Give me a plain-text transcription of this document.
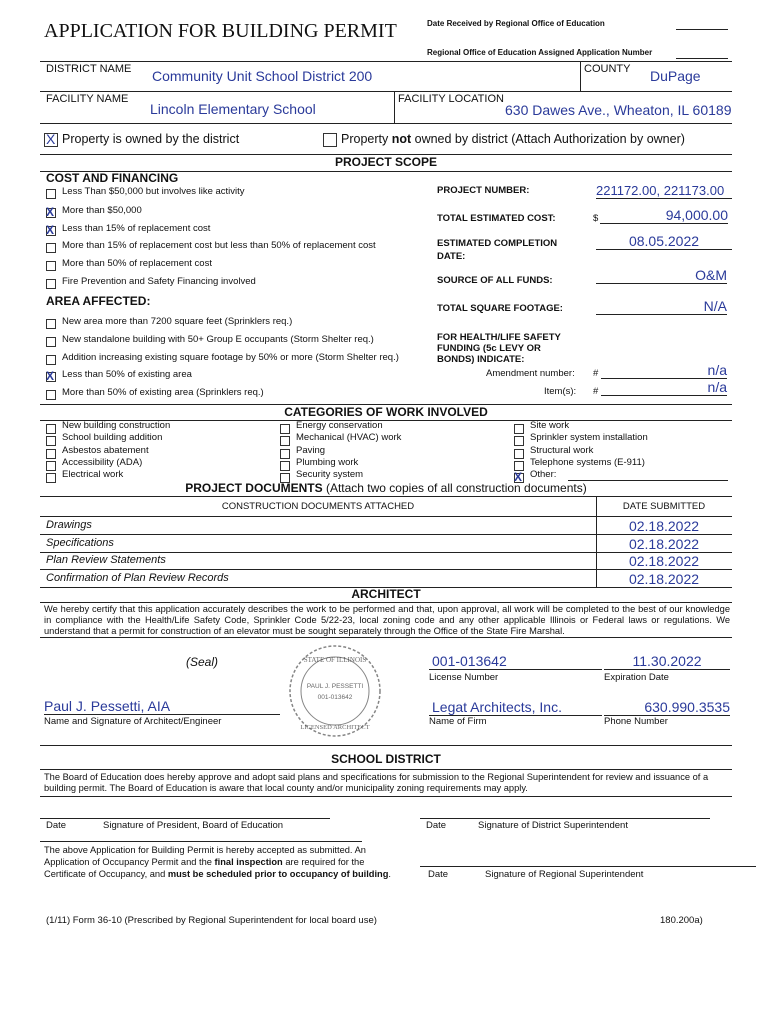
APPLICATION FOR BUILDING PERMIT	Date Received by Regional Office of Education
Regional Office of Education Assigned Application Number
DISTRICT NAME Community Unit School District 200	COUNTY DuPage
FACILITY NAME
Lincoln Elementary School
FACILITY LOCATION
630 Dawes Ave., Wheaton, IL 60189
X Property is owned by the district	Property not owned by district (Attach Authorization by owner)
PROJECT SCOPE
COST AND FINANCING
Less Than $50,000 but involves like activity
More than $50,000
X
Less than 15% of replacement cost
X
More than 15% of replacement cost but less than 50% of replacement cost
More than 50% of replacement cost
Fire Prevention and Safety Financing involved
AREA AFFECTED:
New area more than 7200 square feet (Sprinklers req.)
New standalone building with 50+ Group E occupants (Storm Shelter req.)
Addition increasing existing square footage by 50% or more (Storm Shelter req.)
Less than 50% of existing area
X
More than 50% of existing area (Sprinklers req.)
PROJECT NUMBER:	221172.00, 221173.00
TOTAL ESTIMATED COST:	$	94,000.00
ESTIMATED COMPLETION
DATE:
08.05.2022
SOURCE OF ALL FUNDS:	O&M
TOTAL SQUARE FOOTAGE:	N/A
FOR HEALTH/LIFE SAFETY
FUNDING (5c LEVY OR
BONDS) INDICATE:
Amendment number: #	n/a
Item(s): #	n/a
CATEGORIES OF WORK INVOLVED
New building construction
School building addition
Asbestos abatement
Accessibility (ADA)
Electrical work
Energy conservation
Mechanical (HVAC) work
Paving
Plumbing work
Security system
Site work
Sprinkler system installation
Structural work
Telephone systems (E-911)
X
Other:
PROJECT DOCUMENTS (Attach two copies of all construction documents)
CONSTRUCTION DOCUMENTS ATTACHED	DATE SUBMITTED
Drawings	02.18.2022
Specifications	02.18.2022
Plan Review Statements	02.18.2022
Confirmation of Plan Review Records	02.18.2022
ARCHITECT
We hereby certify that this application accurately describes the work to be performed and that, upon approval, all work will be completed to the best of our knowledge in compliance with the Health/Life Safety Code, Sprinkler Code 5/22-23, local zoning code and any other applicable Illinois or Federal laws or regulations. We understand that a permit for construction of an elevator must be sought separately through the Office of the State Fire Marshal.
(Seal)	STATE OF ILLINOIS
PAUL J. PESSETTI
001-013642
LICENSED ARCHITECT
001-013642
License Number
11.30.2022
Expiration Date
Paul J. Pessetti, AIA
Name and Signature of Architect/Engineer
Legat Architects, Inc.
Name of Firm
630.990.3535
Phone Number
SCHOOL DISTRICT
The Board of Education does hereby approve and adopt said plans and specifications for submission to the Regional Superintendent for review and issuance of a building permit. The Board of Education is aware that local county and/or municipality zoning requirements may apply.
Date	Signature of President, Board of Education	Date	Signature of District Superintendent
The above Application for Building Permit is hereby accepted as submitted. An Application of Occupancy Permit and the final inspection are required for the Certificate of Occupancy, and must be scheduled prior to occupancy of building.	Date	Signature of Regional Superintendent
(1/11) Form 36-10 (Prescribed by Regional Superintendent for local board use)	180.200a)
